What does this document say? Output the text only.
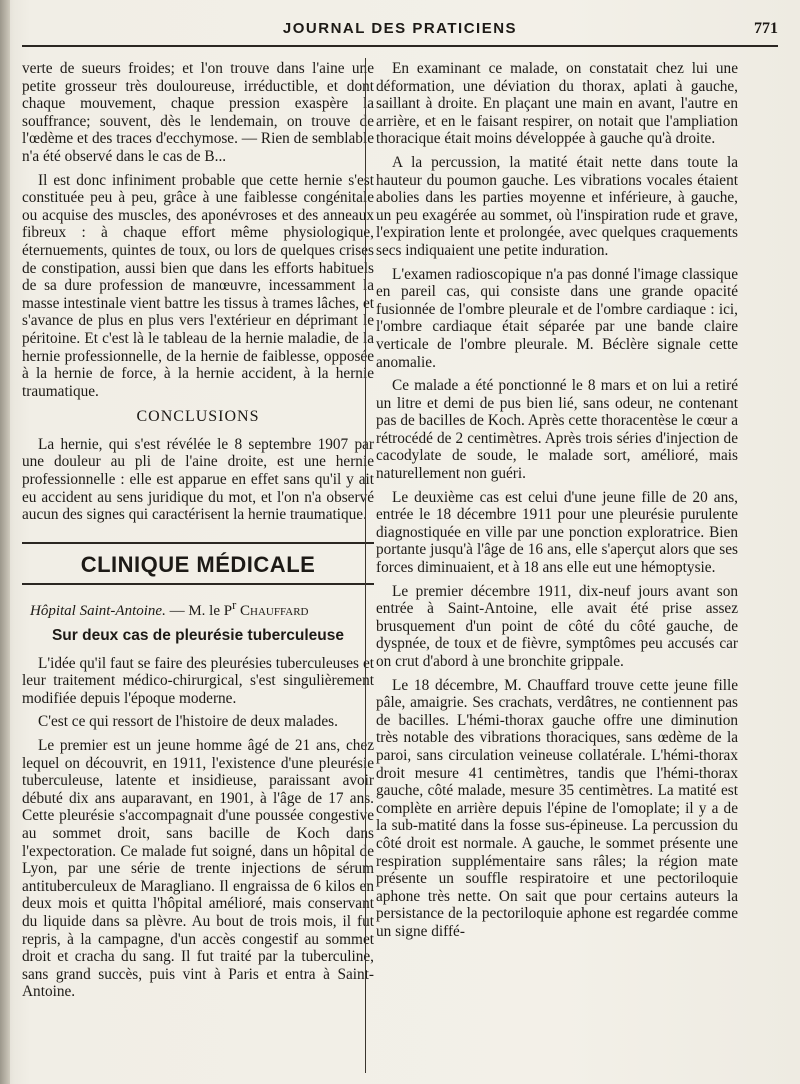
JOURNAL DES PRATICIENS	771

verte de sueurs froides; et l'on trouve dans l'aine une petite grosseur très douloureuse, irréductible, et dont chaque mouvement, chaque pression exaspère la souffrance; souvent, dès le lendemain, on trouve de l'œdème et des traces d'ecchymose. — Rien de semblable n'a été observé dans le cas de B...

Il est donc infiniment probable que cette hernie s'est constituée peu à peu, grâce à une faiblesse congénitale ou acquise des muscles, des aponévroses et des anneaux fibreux : à chaque effort même physiologique, éternuements, quintes de toux, ou lors de quelques crises de constipation, aussi bien que dans les efforts habituels de sa dure profession de manœuvre, incessamment la masse intestinale vient battre les tissus à trames lâches, et s'avance de plus en plus vers l'extérieur en déprimant le péritoine. Et c'est là le tableau de la hernie maladie, de la hernie professionnelle, de la hernie de faiblesse, opposée à la hernie de force, à la hernie accident, à la hernie traumatique.

CONCLUSIONS

La hernie, qui s'est révélée le 8 septembre 1907 par une douleur au pli de l'aine droite, est une hernie professionnelle : elle est apparue en effet sans qu'il y ait eu accident au sens juridique du mot, et l'on n'a observé aucun des signes qui caractérisent la hernie traumatique.

CLINIQUE MÉDICALE
Hôpital Saint-Antoine. — M. le $P^r$ Chauffard
Sur deux cas de pleurésie tuberculeuse

L'idée qu'il faut se faire des pleurésies tuberculeuses et leur traitement médico-chirurgical, s'est singulièrement modifiée depuis l'époque moderne.

C'est ce qui ressort de l'histoire de deux malades.

Le premier est un jeune homme âgé de 21 ans, chez lequel on découvrit, en 1911, l'existence d'une pleurésie tuberculeuse, latente et insidieuse, paraissant avoir débuté dix ans auparavant, en 1901, à l'âge de 17 ans. Cette pleurésie s'accompagnait d'une poussée congestive au sommet droit, sans bacille de Koch dans l'expectoration. Ce malade fut soigné, dans un hôpital de Lyon, par une série de trente injections de sérum antituberculeux de Maragliano. Il engraissa de 6 kilos en deux mois et quitta l'hôpital amélioré, mais conservant du liquide dans sa plèvre. Au bout de trois mois, il fut repris, à la campagne, d'un accès congestif au sommet droit et cracha du sang. Il fut traité par la tuberculine, sans grand succès, puis vint à Paris et entra à Saint-Antoine.

En examinant ce malade, on constatait chez lui une déformation, une déviation du thorax, aplati à gauche, saillant à droite. En plaçant une main en avant, l'autre en arrière, et en le faisant respirer, on notait que l'ampliation thoracique était moins développée à gauche qu'à droite.

A la percussion, la matité était nette dans toute la hauteur du poumon gauche. Les vibrations vocales étaient abolies dans les parties moyenne et inférieure, à gauche, un peu exagérée au sommet, où l'inspiration rude et grave, l'expiration lente et prolongée, avec quelques craquements secs indiquaient une petite induration.

L'examen radioscopique n'a pas donné l'image classique en pareil cas, qui consiste dans une grande opacité fusionnée de l'ombre pleurale et de l'ombre cardiaque : ici, l'ombre cardiaque était séparée par une bande claire verticale de l'ombre pleurale. M. Béclère signale cette anomalie.

Ce malade a été ponctionné le 8 mars et on lui a retiré un litre et demi de pus bien lié, sans odeur, ne contenant pas de bacilles de Koch. Après cette thoracentèse le cœur a rétrocédé de 2 centimètres. Après trois séries d'injection de cacodylate de soude, le malade sort, amélioré, mais naturellement non guéri.

Le deuxième cas est celui d'une jeune fille de 20 ans, entrée le 18 décembre 1911 pour une pleurésie purulente diagnostiquée en ville par une ponction exploratrice. Bien portante jusqu'à l'âge de 16 ans, elle s'aperçut alors que ses forces diminuaient, et à 18 ans elle eut une hémoptysie.

Le premier décembre 1911, dix-neuf jours avant son entrée à Saint-Antoine, elle avait été prise assez brusquement d'un point de côté du côté gauche, de dyspnée, de toux et de fièvre, symptômes peu accusés car on crut d'abord à une bronchite grippale.

Le 18 décembre, M. Chauffard trouve cette jeune fille pâle, amaigrie. Ses crachats, verdâtres, ne contiennent pas de bacilles. L'hémi-thorax gauche offre une diminution très notable des vibrations thoraciques, sans œdème de la paroi, sans circulation veineuse collatérale. L'hémi-thorax droit mesure 41 centimètres, tandis que l'hémi-thorax gauche, côté malade, mesure 35 centimètres. La matité est complète en arrière depuis l'épine de l'omoplate; il y a de la sub-matité dans la fosse sus-épineuse. La percussion du côté droit est normale. A gauche, le sommet présente une respiration supplémentaire sans râles; la région mate présente un souffle respiratoire et une pectoriloquie aphone très nette. On sait que pour certains auteurs la persistance de la pectoriloquie aphone est regardée comme un signe diffé-
